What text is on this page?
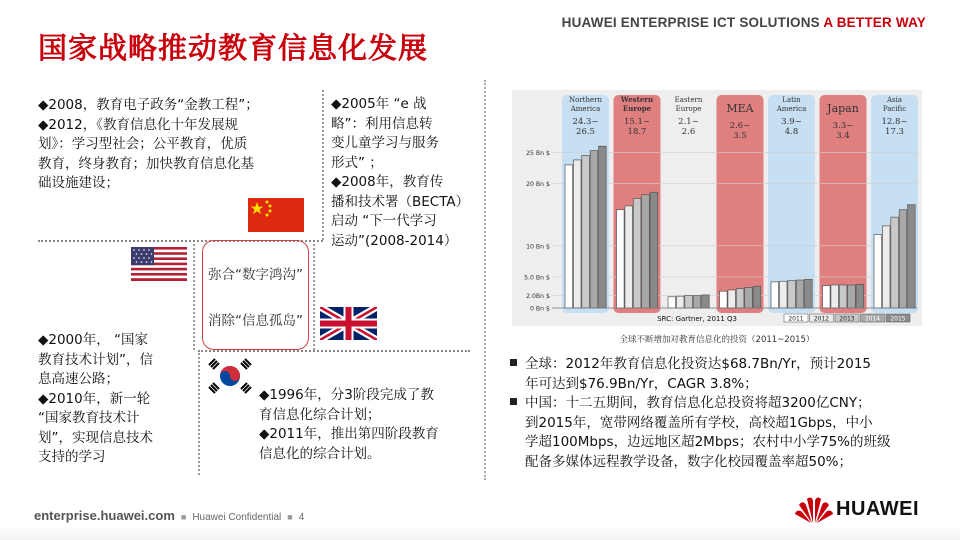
HUAWEI ENTERPRISE ICT SOLUTIONS A BETTER WAY
国家战略推动教育信息化发展
◆2008，教育电子政务“金教工程”；
◆2012，《教育信息化十年发展规
划》：学习型社会；公平教育，优质
教育，终身教育；加快教育信息化基
础设施建设；
◆2005年 “e 战
略”：利用信息转
变儿童学习与服务
形式” ；
◆2008年，教育传
播和技术署（BECTA）
启动 “下一代学习
运动”(2008-2014）
◆2000年， “国家
教育技术计划”，信
息高速公路；
◆2010年，新一轮
“国家教育技术计
划”，实现信息技术
支持的学习
◆1996年，分3阶段完成了教
育信息化综合计划；
◆2011年，推出第四阶段教育
信息化的综合计划。
弥合“数字鸿沟”
消除“信息孤岛”
0 Bn $
2.0Bn $
5.0 Bn $
10 Bn $
20 Bn $
25 Bn $
Northern
America
24.3~
26.5
Western
Europe
15.1~
18.7
Eastern
Europe
2.1~
2.6
MEA
2.6~
3.5
Latin
America
3.9~
4.8
Japan
3.3~
3.4
Asia
Pacific
12.8~
17.3
SRC: Gartner, 2011 Q3	2011 2012 2013 2014 2015
全球不断增加对教育信息化的投资（2011~2015）
全球：2012年教育信息化投资达$68.7Bn/Yr，预计2015
年可达到$76.9Bn/Yr，CAGR 3.8%；
中国：十二五期间，教育信息化总投资将超3200亿CNY；
到2015年，宽带网络覆盖所有学校，高校超1Gbps，中小
学超100Mbps，边远地区超2Mbps；农村中小学75%的班级
配备多媒体远程教学设备，数字化校园覆盖率超50%；
enterprise.huawei.com ■ Huawei Confidential ■ 4	HUAWEI
